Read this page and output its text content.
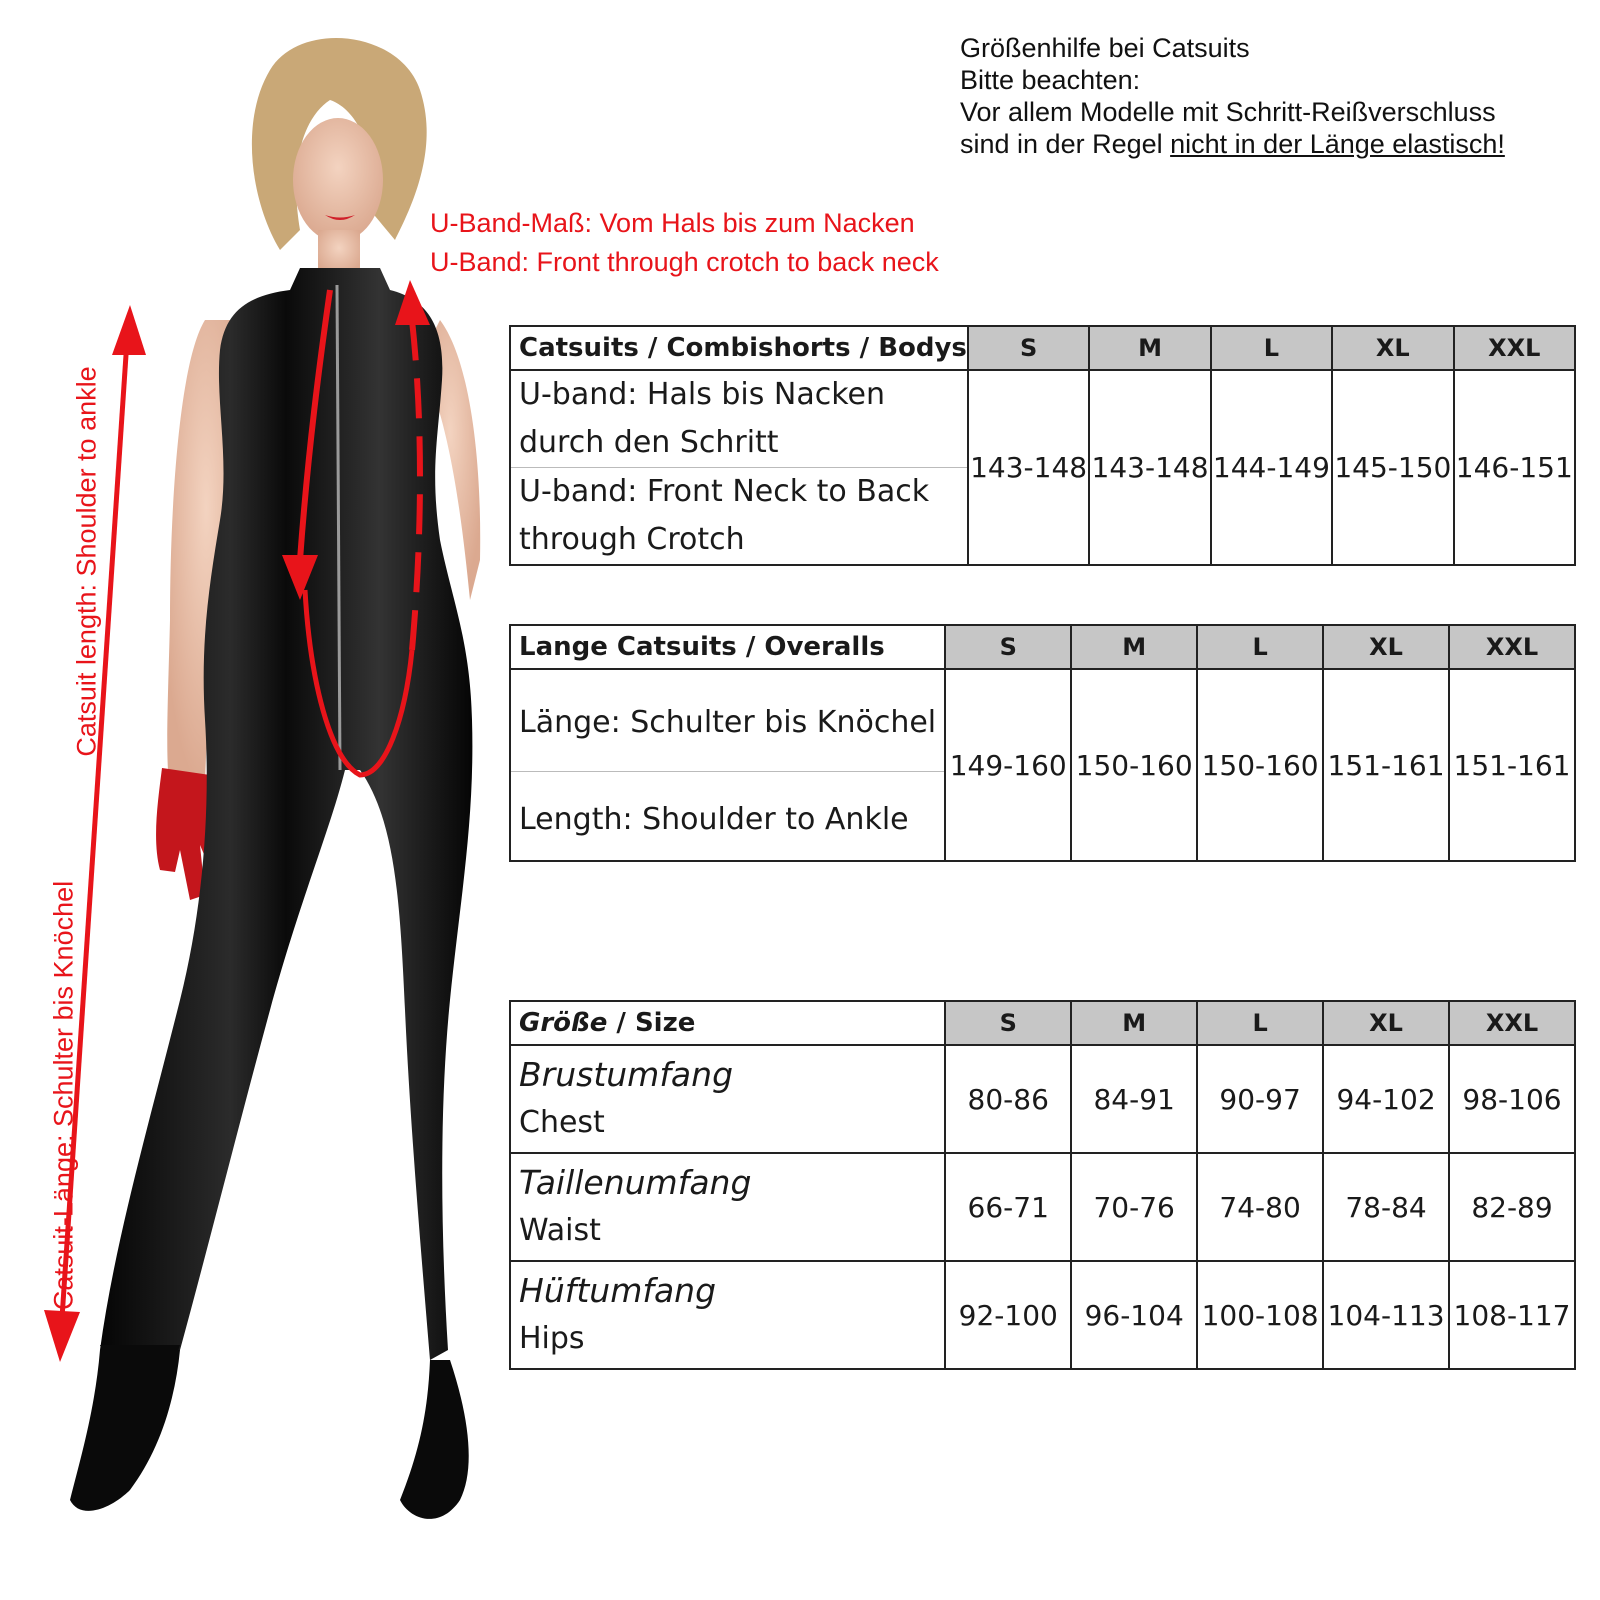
Catsuit length: Shoulder to ankle
Catsuit-Länge: Schulter bis Knöchel
Größenhilfe bei Catsuits
Bitte beachten:
Vor allem Modelle mit Schritt-Reißverschluss
sind in der Regel nicht in der Länge elastisch!
U-Band-Maß: Vom Hals bis zum Nacken
U-Band: Front through crotch to back neck
Catsuits / Combishorts / Bodys	S	M	L	XL	XXL

U-band: Hals bis Nacken durch den Schritt
U-band: Front Neck to Back through Crotch	143-148	143-148	144-149	145-150	146-151
Lange Catsuits / Overalls	S	M	L	XL	XXL

Länge: Schulter bis Knöchel
Length: Shoulder to Ankle	149-160	150-160	150-160	151-161	151-161
Größe / Size	S	M	L	XL	XXL

Brustumfang
Chest	80-86	84-91	90-97	94-102	98-106

Taillenumfang
Waist	66-71	70-76	74-80	78-84	82-89

Hüftumfang
Hips	92-100	96-104	100-108	104-113	108-117
